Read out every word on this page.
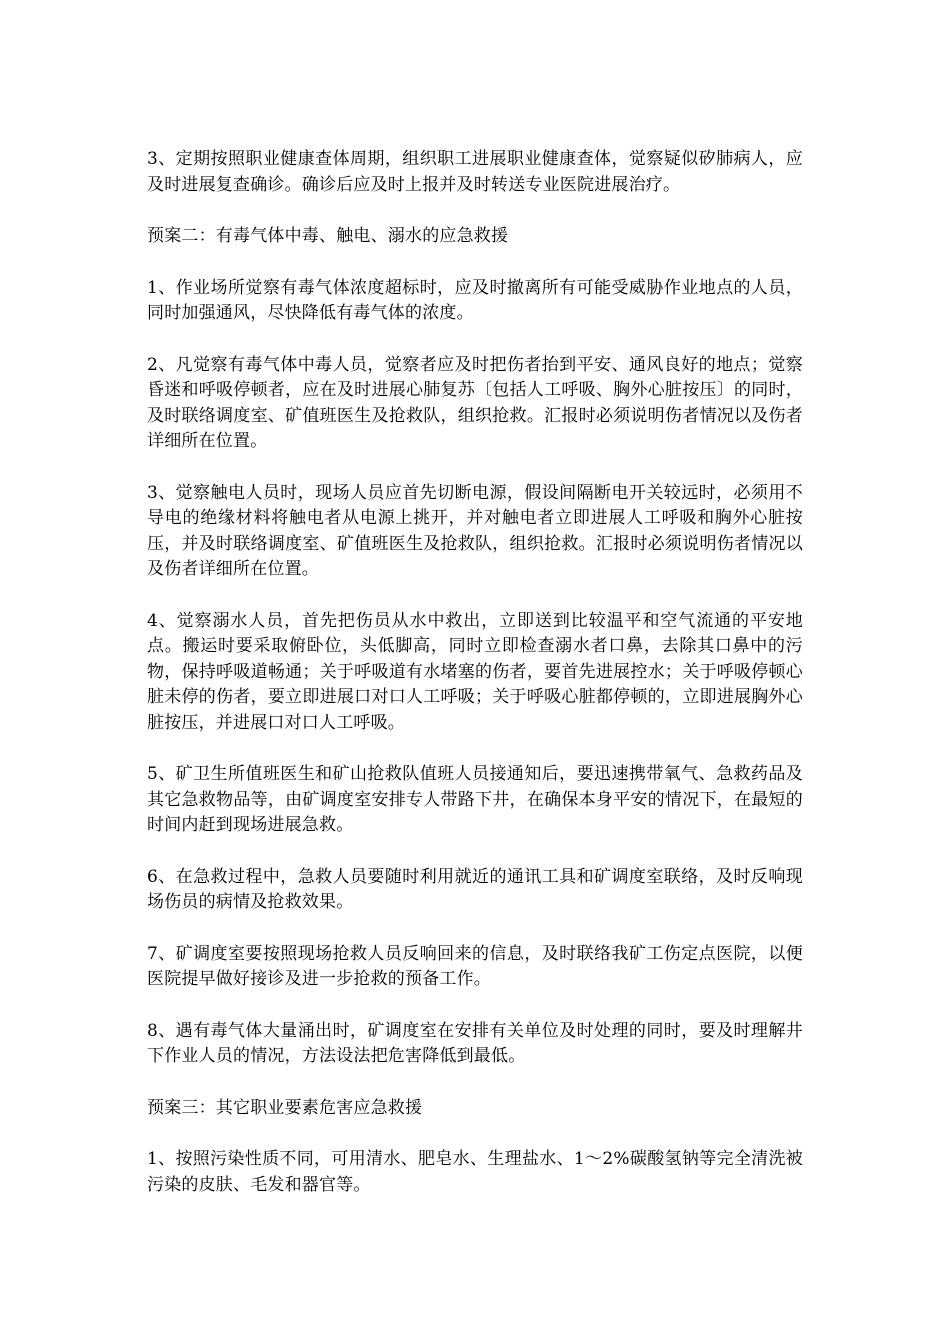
3、定期按照职业健康查体周期，组织职工进展职业健康查体，觉察疑似矽肺病人，应及时进展复查确诊。确诊后应及时上报并及时转送专业医院进展治疗。

预案二：有毒气体中毒、触电、溺水的应急救援

1、作业场所觉察有毒气体浓度超标时，应及时撤离所有可能受威胁作业地点的人员，同时加强通风，尽快降低有毒气体的浓度。

2、凡觉察有毒气体中毒人员，觉察者应及时把伤者抬到平安、通风良好的地点；觉察昏迷和呼吸停顿者，应在及时进展心肺复苏〔包括人工呼吸、胸外心脏按压〕的同时，及时联络调度室、矿值班医生及抢救队，组织抢救。汇报时必须说明伤者情况以及伤者详细所在位置。

3、觉察触电人员时，现场人员应首先切断电源，假设间隔断电开关较远时，必须用不导电的绝缘材料将触电者从电源上挑开，并对触电者立即进展人工呼吸和胸外心脏按压，并及时联络调度室、矿值班医生及抢救队，组织抢救。汇报时必须说明伤者情况以及伤者详细所在位置。

4、觉察溺水人员，首先把伤员从水中救出，立即送到比较温平和空气流通的平安地点。搬运时要采取俯卧位，头低脚高，同时立即检查溺水者口鼻，去除其口鼻中的污物，保持呼吸道畅通；关于呼吸道有水堵塞的伤者，要首先进展控水；关于呼吸停顿心脏未停的伤者，要立即进展口对口人工呼吸；关于呼吸心脏都停顿的，立即进展胸外心脏按压，并进展口对口人工呼吸。

5、矿卫生所值班医生和矿山抢救队值班人员接通知后，要迅速携带氧气、急救药品及其它急救物品等，由矿调度室安排专人带路下井，在确保本身平安的情况下，在最短的时间内赶到现场进展急救。

6、在急救过程中，急救人员要随时利用就近的通讯工具和矿调度室联络，及时反响现场伤员的病情及抢救效果。

7、矿调度室要按照现场抢救人员反响回来的信息，及时联络我矿工伤定点医院，以便医院提早做好接诊及进一步抢救的预备工作。

8、遇有毒气体大量涌出时，矿调度室在安排有关单位及时处理的同时，要及时理解井下作业人员的情况，方法设法把危害降低到最低。

预案三：其它职业要素危害应急救援

1、按照污染性质不同，可用清水、肥皂水、生理盐水、1～2%碳酸氢钠等完全清洗被污染的皮肤、毛发和器官等。
